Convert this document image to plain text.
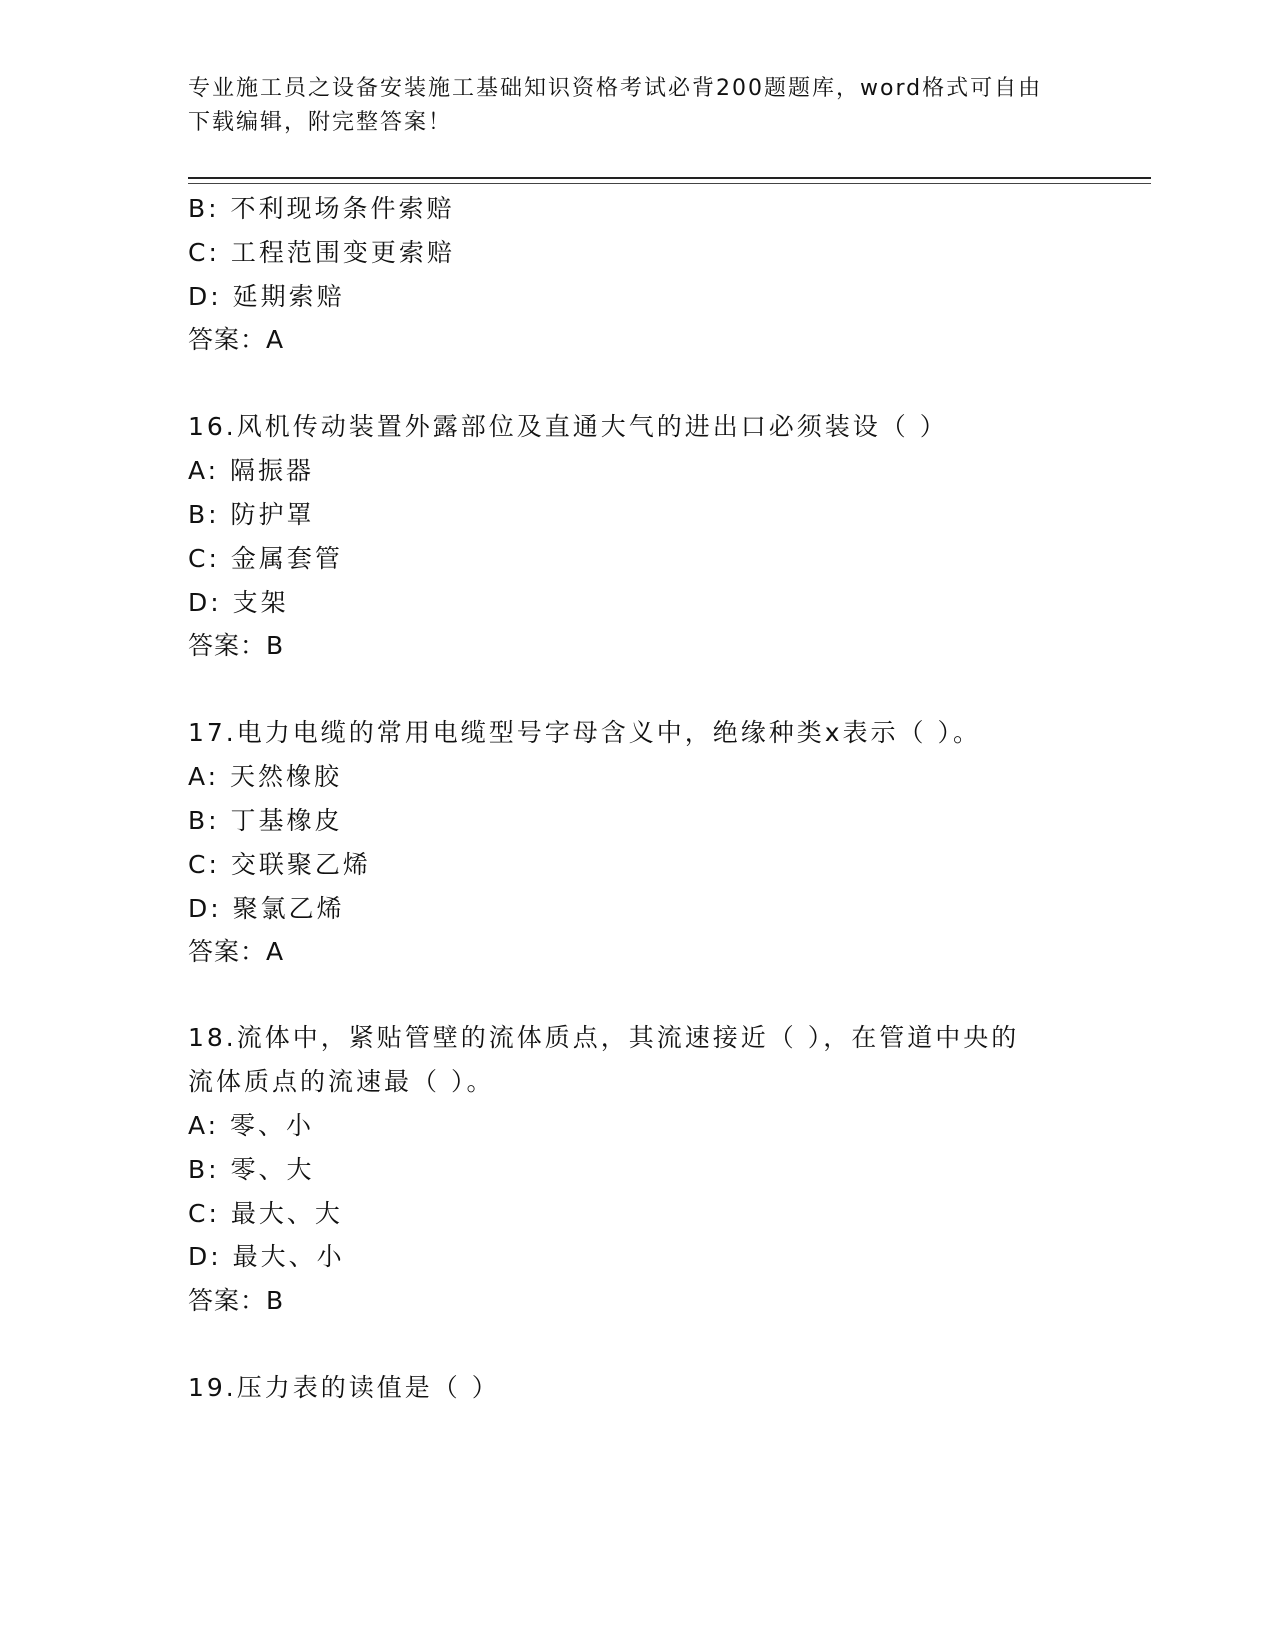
专业施工员之设备安装施工基础知识资格考试必背200题题库，word格式可自由
下载编辑，附完整答案！
B: 不利现场条件索赔
C: 工程范围变更索赔
D: 延期索赔
答案：A
16.风机传动装置外露部位及直通大气的进出口必须装设（ ）
A: 隔振器
B: 防护罩
C: 金属套管
D: 支架
答案：B
17.电力电缆的常用电缆型号字母含义中，绝缘种类x表示（ ）。
A: 天然橡胶
B: 丁基橡皮
C: 交联聚乙烯
D: 聚氯乙烯
答案：A
18.流体中，紧贴管壁的流体质点，其流速接近（ ），在管道中央的
流体质点的流速最（ ）。
A: 零、小
B: 零、大
C: 最大、大
D: 最大、小
答案：B
19.压力表的读值是（ ）
